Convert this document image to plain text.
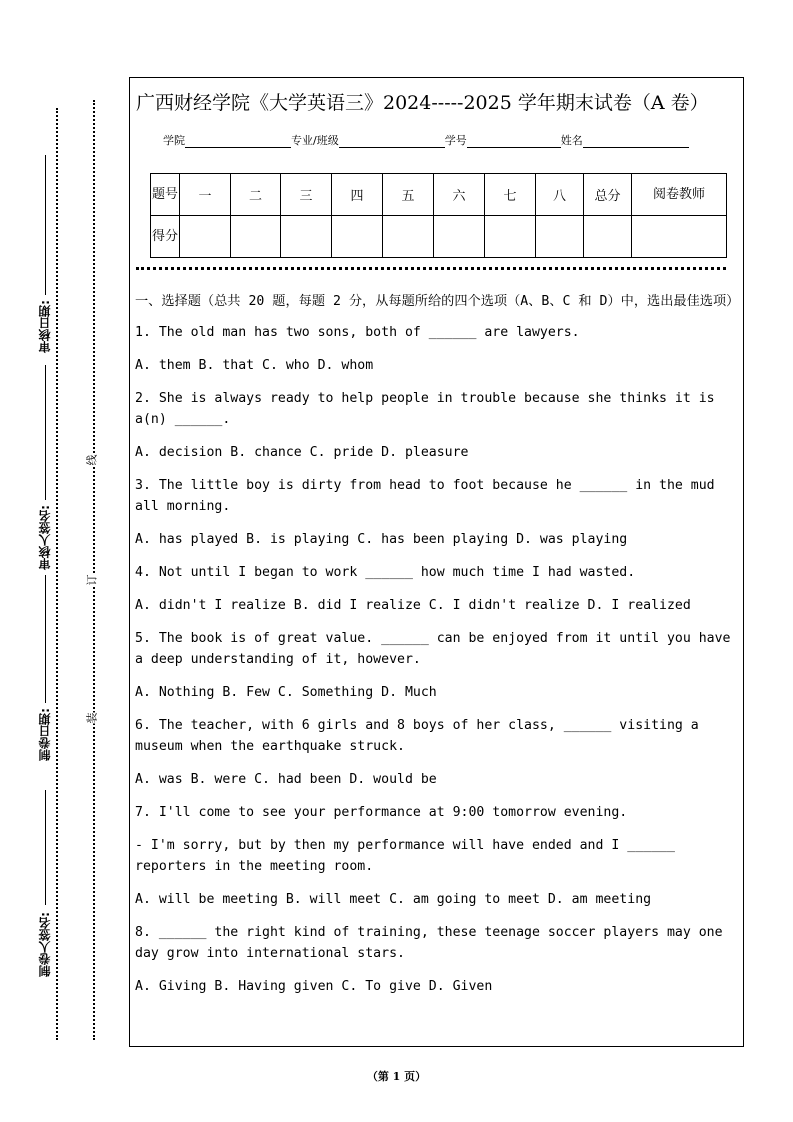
审核日期:
审核人签名:
制卷日期:
制卷人签名:
线
订
装
广西财经学院《大学英语三》2024-----2025 学年期末试卷（A 卷）
学院	专业/班级	学号	姓名
题号	一	二	三	四	五	六	七	八	总分	阅卷教师
得分										

一、选择题（总共 20 题，每题 2 分，从每题所给的四个选项（A、B、C 和 D）中，选出最佳选项）

1. The old man has two sons, both of ______ are lawyers.

A. them B. that C. who D. whom

2. She is always ready to help people in trouble because she thinks it is a(n) ______.

A. decision B. chance C. pride D. pleasure

3. The little boy is dirty from head to foot because he ______ in the mud all morning.

A. has played B. is playing C. has been playing D. was playing

4. Not until I began to work ______ how much time I had wasted.

A. didn't I realize B. did I realize C. I didn't realize D. I realized

5. The book is of great value. ______ can be enjoyed from it until you have a deep understanding of it, however.

A. Nothing B. Few C. Something D. Much

6. The teacher, with 6 girls and 8 boys of her class, ______ visiting a museum when the earthquake struck.

A. was B. were C. had been D. would be

7. I'll come to see your performance at 9:00 tomorrow evening.

- I'm sorry, but by then my performance will have ended and I ______ reporters in the meeting room.

A. will be meeting B. will meet C. am going to meet D. am meeting

8. ______ the right kind of training, these teenage soccer players may one day grow into international stars.

A. Giving B. Having given C. To give D. Given

（第 1 页）
